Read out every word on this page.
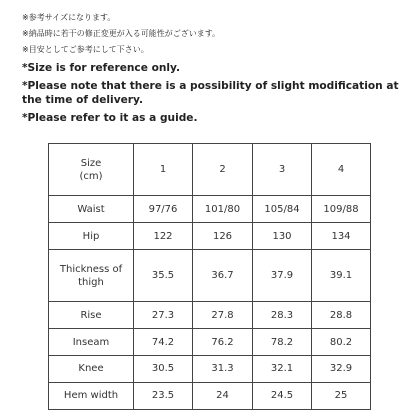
※参考サイズになります。
※納品時に若干の修正変更が入る可能性がございます。
※目安としてご参考にして下さい。
*Size is for reference only.
*Please note that there is a possibility of slight modification at the time of delivery.
*Please refer to it as a guide.
Size
(cm)	1	2	3	4
Waist	97/76	101/80	105/84	109/88
Hip	122	126	130	134
Thickness of
thigh	35.5	36.7	37.9	39.1
Rise	27.3	27.8	28.3	28.8
Inseam	74.2	76.2	78.2	80.2
Knee	30.5	31.3	32.1	32.9
Hem width	23.5	24	24.5	25
